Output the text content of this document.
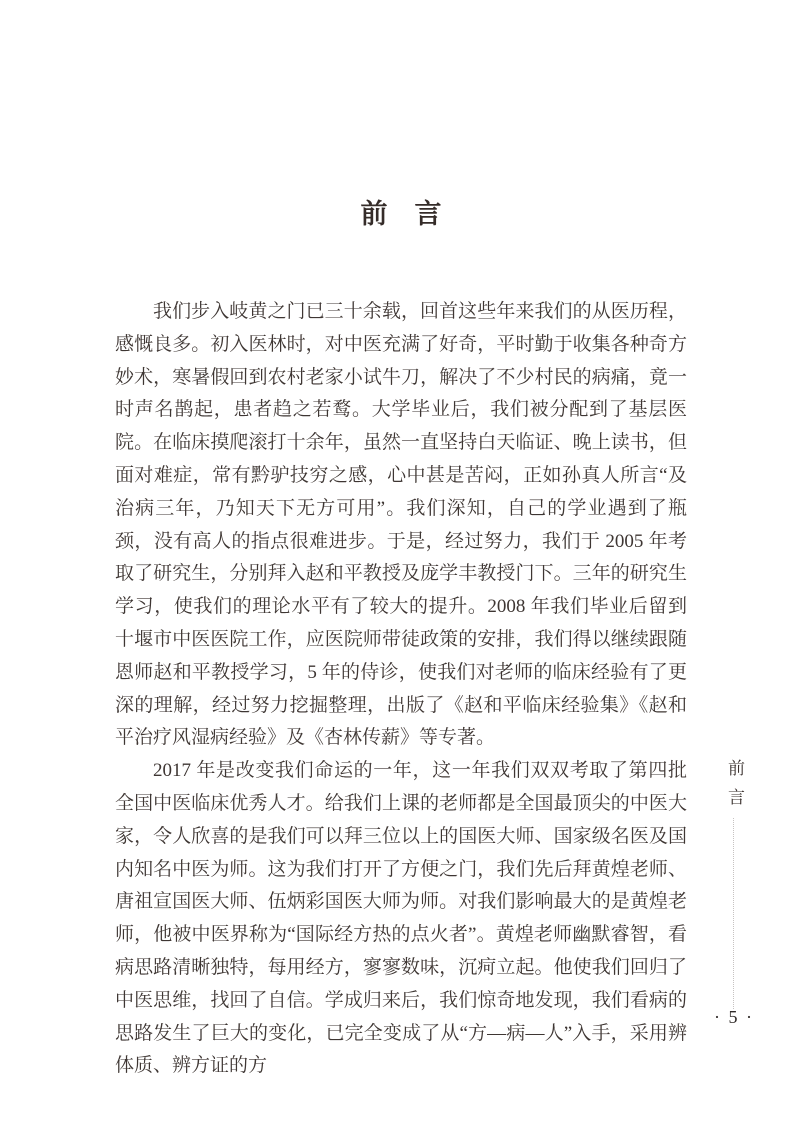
前　言

我们步入岐黄之门已三十余载，回首这些年来我们的从医历程，感慨良多。初入医林时，对中医充满了好奇，平时勤于收集各种奇方妙术，寒暑假回到农村老家小试牛刀，解决了不少村民的病痛，竟一时声名鹊起，患者趋之若鹜。大学毕业后，我们被分配到了基层医院。在临床摸爬滚打十余年，虽然一直坚持白天临证、晚上读书，但面对难症，常有黔驴技穷之感，心中甚是苦闷，正如孙真人所言“及治病三年，乃知天下无方可用”。我们深知，自己的学业遇到了瓶颈，没有高人的指点很难进步。于是，经过努力，我们于 2005 年考取了研究生，分别拜入赵和平教授及庞学丰教授门下。三年的研究生学习，使我们的理论水平有了较大的提升。2008 年我们毕业后留到十堰市中医医院工作，应医院师带徒政策的安排，我们得以继续跟随恩师赵和平教授学习，5 年的侍诊，使我们对老师的临床经验有了更深的理解，经过努力挖掘整理，出版了《赵和平临床经验集》《赵和平治疗风湿病经验》及《杏林传薪》等专著。

2017 年是改变我们命运的一年，这一年我们双双考取了第四批全国中医临床优秀人才。给我们上课的老师都是全国最顶尖的中医大家，令人欣喜的是我们可以拜三位以上的国医大师、国家级名医及国内知名中医为师。这为我们打开了方便之门，我们先后拜黄煌老师、唐祖宣国医大师、伍炳彩国医大师为师。对我们影响最大的是黄煌老师，他被中医界称为“国际经方热的点火者”。黄煌老师幽默睿智，看病思路清晰独特，每用经方，寥寥数味，沉疴立起。他使我们回归了中医思维，找回了自信。学成归来后，我们惊奇地发现，我们看病的思路发生了巨大的变化，已完全变成了从“方—病—人”入手，采用辨体质、辨方证的方

前言
· 5 ·
